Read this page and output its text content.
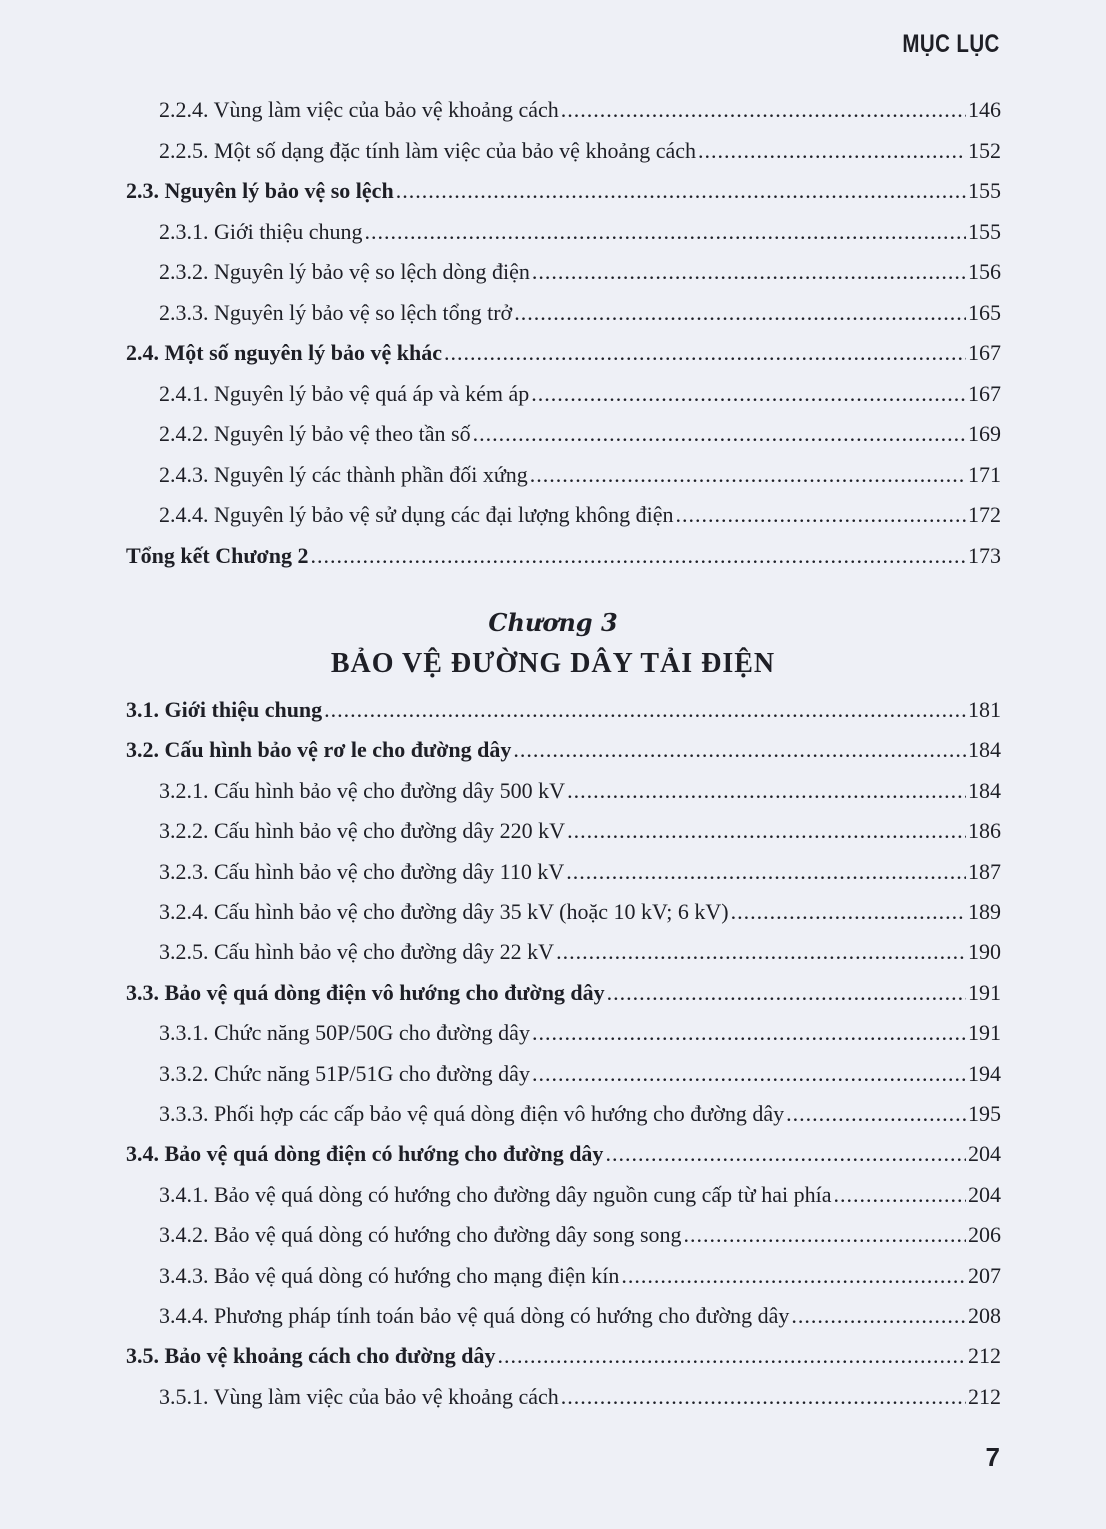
MỤC LỤC
2.2.4. Vùng làm việc của bảo vệ khoảng cách .....	146
2.2.5. Một số dạng đặc tính làm việc của bảo vệ khoảng cách .....	152
2.3. Nguyên lý bảo vệ so lệch .....	155
2.3.1. Giới thiệu chung .....	155
2.3.2. Nguyên lý bảo vệ so lệch dòng điện .....	156
2.3.3. Nguyên lý bảo vệ so lệch tổng trở .....	165
2.4. Một số nguyên lý bảo vệ khác .....	167
2.4.1. Nguyên lý bảo vệ quá áp và kém áp .....	167
2.4.2. Nguyên lý bảo vệ theo tần số .....	169
2.4.3. Nguyên lý các thành phần đối xứng .....	171
2.4.4. Nguyên lý bảo vệ sử dụng các đại lượng không điện .....	172
Tổng kết Chương 2 .....	173
Chương 3
BẢO VỆ ĐƯỜNG DÂY TẢI ĐIỆN
3.1. Giới thiệu chung .....	181
3.2. Cấu hình bảo vệ rơ le cho đường dây .....	184
3.2.1. Cấu hình bảo vệ cho đường dây 500 kV .....	184
3.2.2. Cấu hình bảo vệ cho đường dây 220 kV .....	186
3.2.3. Cấu hình bảo vệ cho đường dây 110 kV .....	187
3.2.4. Cấu hình bảo vệ cho đường dây 35 kV (hoặc 10 kV; 6 kV) .....	189
3.2.5. Cấu hình bảo vệ cho đường dây 22 kV .....	190
3.3. Bảo vệ quá dòng điện vô hướng cho đường dây .....	191
3.3.1. Chức năng 50P/50G cho đường dây .....	191
3.3.2. Chức năng 51P/51G cho đường dây .....	194
3.3.3. Phối hợp các cấp bảo vệ quá dòng điện vô hướng cho đường dây .....	195
3.4. Bảo vệ quá dòng điện có hướng cho đường dây .....	204
3.4.1. Bảo vệ quá dòng có hướng cho đường dây nguồn cung cấp từ hai phía .....	204
3.4.2. Bảo vệ quá dòng có hướng cho đường dây song song .....	206
3.4.3. Bảo vệ quá dòng có hướng cho mạng điện kín .....	207
3.4.4. Phương pháp tính toán bảo vệ quá dòng có hướng cho đường dây .....	208
3.5. Bảo vệ khoảng cách cho đường dây .....	212
3.5.1. Vùng làm việc của bảo vệ khoảng cách .....	212
7
